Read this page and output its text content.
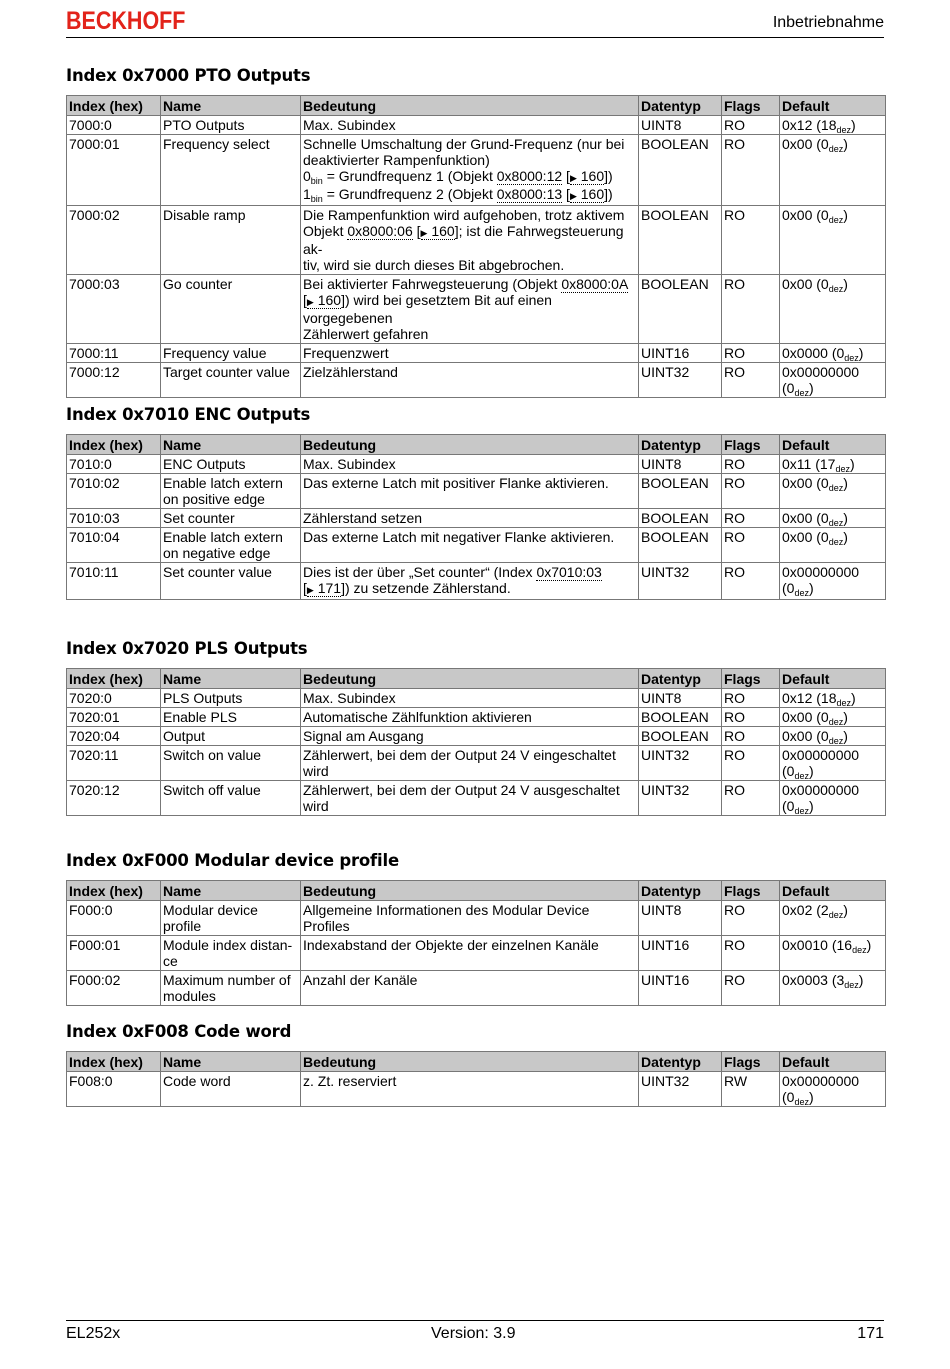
BECKHOFF	Inbetriebnahme
Index 0x7000 PTO Outputs
Index (hex)	Name	Bedeutung	Datentyp	Flags	Default
7000:0	PTO Outputs	Max. Subindex	UINT8	RO	0x12 $(18_{dez})$
7000:01	Frequency select	Schnelle Umschaltung der Grund-Frequenz (nur bei
deaktivierter Rampenfunktion)
$0_{bin}$ = Grundfrequenz 1 (Objekt 0x8000:12 [▶ 160])
$1_{bin}$ = Grundfrequenz 2 (Objekt 0x8000:13 [▶ 160])	BOOLEAN	RO	0x00 $(0_{dez})$
7000:02	Disable ramp	Die Rampenfunktion wird aufgehoben, trotz aktivem
Objekt 0x8000:06 [▶ 160]; ist die Fahrwegsteuerung ak-
tiv, wird sie durch dieses Bit abgebrochen.	BOOLEAN	RO	0x00 $(0_{dez})$
7000:03	Go counter	Bei aktivierter Fahrwegsteuerung (Objekt 0x8000:0A
[▶ 160]) wird bei gesetztem Bit auf einen vorgegebenen
Zählerwert gefahren	BOOLEAN	RO	0x00 $(0_{dez})$
7000:11	Frequency value	Frequenzwert	UINT16	RO	0x0000 $(0_{dez})$
7000:12	Target counter value	Zielzählerstand	UINT32	RO	0x00000000
$(0_{dez})$
Index 0x7010 ENC Outputs
Index (hex)	Name	Bedeutung	Datentyp	Flags	Default
7010:0	ENC Outputs	Max. Subindex	UINT8	RO	0x11 $(17_{dez})$
7010:02	Enable latch extern
on positive edge	Das externe Latch mit positiver Flanke aktivieren.	BOOLEAN	RO	0x00 $(0_{dez})$
7010:03	Set counter	Zählerstand setzen	BOOLEAN	RO	0x00 $(0_{dez})$
7010:04	Enable latch extern
on negative edge	Das externe Latch mit negativer Flanke aktivieren.	BOOLEAN	RO	0x00 $(0_{dez})$
7010:11	Set counter value	Dies ist der über „Set counter“ (Index 0x7010:03
[▶ 171]) zu setzende Zählerstand.	UINT32	RO	0x00000000
$(0_{dez})$
Index 0x7020 PLS Outputs
Index (hex)	Name	Bedeutung	Datentyp	Flags	Default
7020:0	PLS Outputs	Max. Subindex	UINT8	RO	0x12 $(18_{dez})$
7020:01	Enable PLS	Automatische Zählfunktion aktivieren	BOOLEAN	RO	0x00 $(0_{dez})$
7020:04	Output	Signal am Ausgang	BOOLEAN	RO	0x00 $(0_{dez})$
7020:11	Switch on value	Zählerwert, bei dem der Output 24 V eingeschaltet wird	UINT32	RO	0x00000000
$(0_{dez})$
7020:12	Switch off value	Zählerwert, bei dem der Output 24 V ausgeschaltet
wird	UINT32	RO	0x00000000
$(0_{dez})$
Index 0xF000 Modular device profile
Index (hex)	Name	Bedeutung	Datentyp	Flags	Default
F000:0	Modular device profile	Allgemeine Informationen des Modular Device Profiles	UINT8	RO	0x02 $(2_{dez})$
F000:01	Module index distan-
ce	Indexabstand der Objekte der einzelnen Kanäle	UINT16	RO	0x0010 $(16_{dez})$
F000:02	Maximum number of
modules	Anzahl der Kanäle	UINT16	RO	0x0003 $(3_{dez})$
Index 0xF008 Code word
Index (hex)	Name	Bedeutung	Datentyp	Flags	Default
F008:0	Code word	z. Zt. reserviert	UINT32	RW	0x00000000
$(0_{dez})$
EL252x	Version: 3.9	171
